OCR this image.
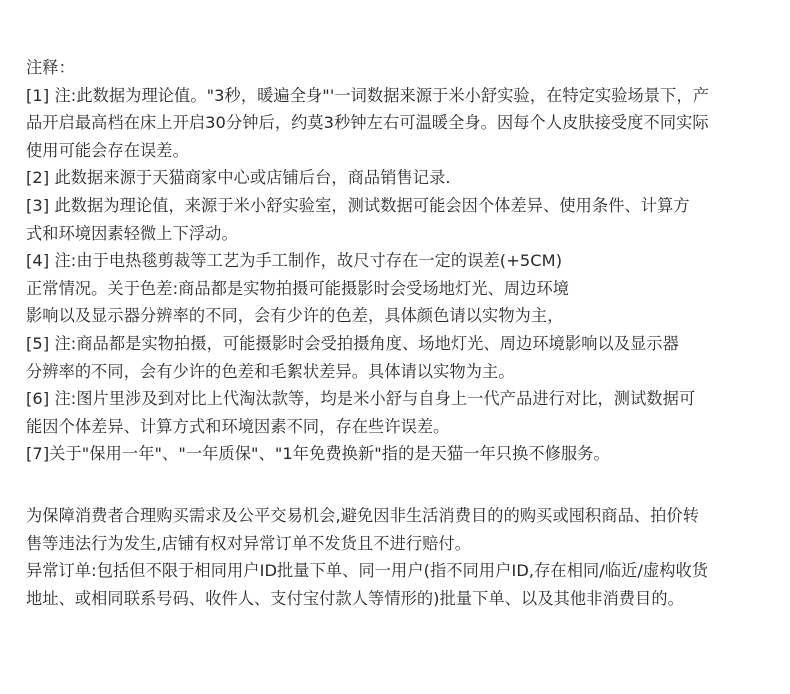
注释：
[1] 注:此数据为理论值。"3秒，暖遍全身"'一词数据来源于米小舒实验，在特定实验场景下，产
品开启最高档在床上开启30分钟后，约莫3秒钟左右可温暖全身。因每个人皮肤接受度不同实际
使用可能会存在误差。
[2] 此数据来源于天猫商家中心或店铺后台，商品销售记录.
[3] 此数据为理论值，来源于米小舒实验室，测试数据可能会因个体差异、使用条件、计算方
式和环境因素轻微上下浮动。
[4] 注:由于电热毯剪裁等工艺为手工制作，故尺寸存在一定的误差(+5CM)
正常情况。关于色差:商品都是实物拍摄可能摄影时会受场地灯光、周边环境
影响以及显示器分辨率的不同，会有少许的色差，具体颜色请以实物为主，
[5] 注:商品都是实物拍摄，可能摄影时会受拍摄角度、场地灯光、周边环境影响以及显示器
分辨率的不同，会有少许的色差和毛絮状差异。具体请以实物为主。
[6] 注:图片里涉及到对比上代淘汰款等，均是米小舒与自身上一代产品进行对比，测试数据可
能因个体差异、计算方式和环境因素不同，存在些许误差。
[7]关于"保用一年"、"一年质保"、"1年免费换新"指的是天猫一年只换不修服务。
为保障消费者合理购买需求及公平交易机会,避免因非生活消费目的的购买或囤积商品、拍价转
售等违法行为发生,店铺有权对异常订单不发货且不进行赔付。
异常订单:包括但不限于相同用户ID批量下单、同一用户(指不同用户ID,存在相同/临近/虚构收货
地址、或相同联系号码、收件人、支付宝付款人等情形的)批量下单、以及其他非消费目的。
